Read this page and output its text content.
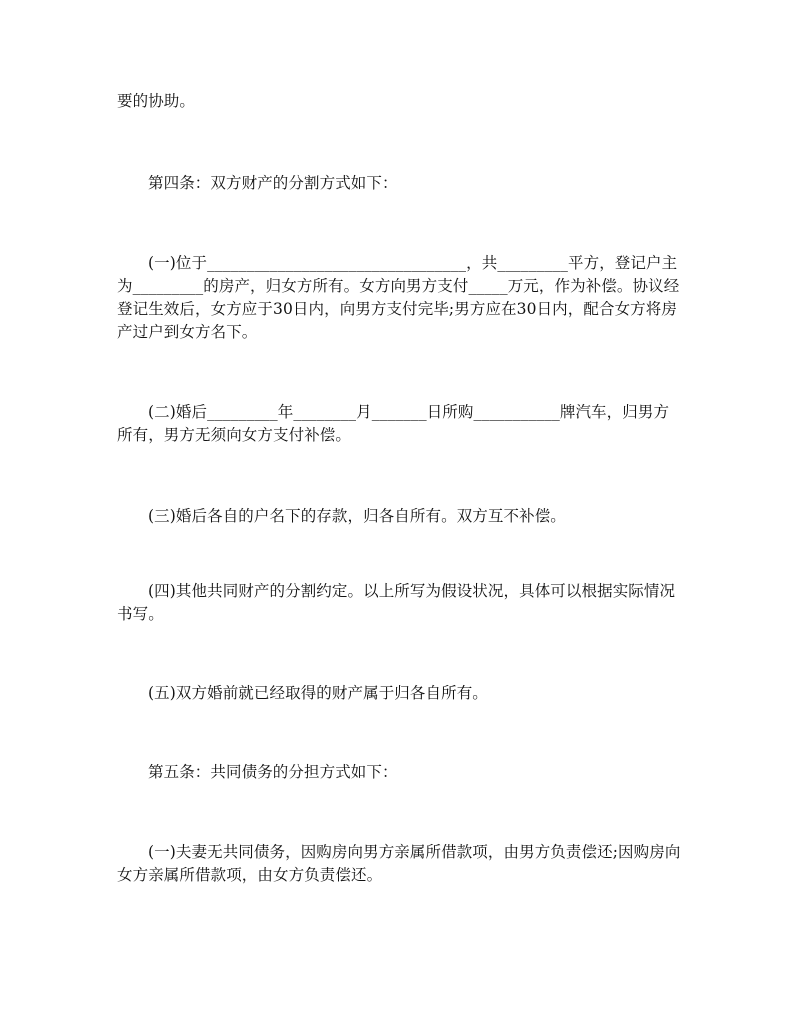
要的协助。

第四条：双方财产的分割方式如下：

(一)位于_________________________________，共_________平方，登记户主为_________的房产，归女方所有。女方向男方支付_____万元，作为补偿。协议经登记生效后，女方应于30日内，向男方支付完毕;男方应在30日内，配合女方将房产过户到女方名下。

(二)婚后_________年________月_______日所购___________牌汽车，归男方所有，男方无须向女方支付补偿。

(三)婚后各自的户名下的存款，归各自所有。双方互不补偿。

(四)其他共同财产的分割约定。以上所写为假设状况，具体可以根据实际情况书写。

(五)双方婚前就已经取得的财产属于归各自所有。

第五条：共同债务的分担方式如下：

(一)夫妻无共同债务，因购房向男方亲属所借款项，由男方负责偿还;因购房向女方亲属所借款项，由女方负责偿还。
